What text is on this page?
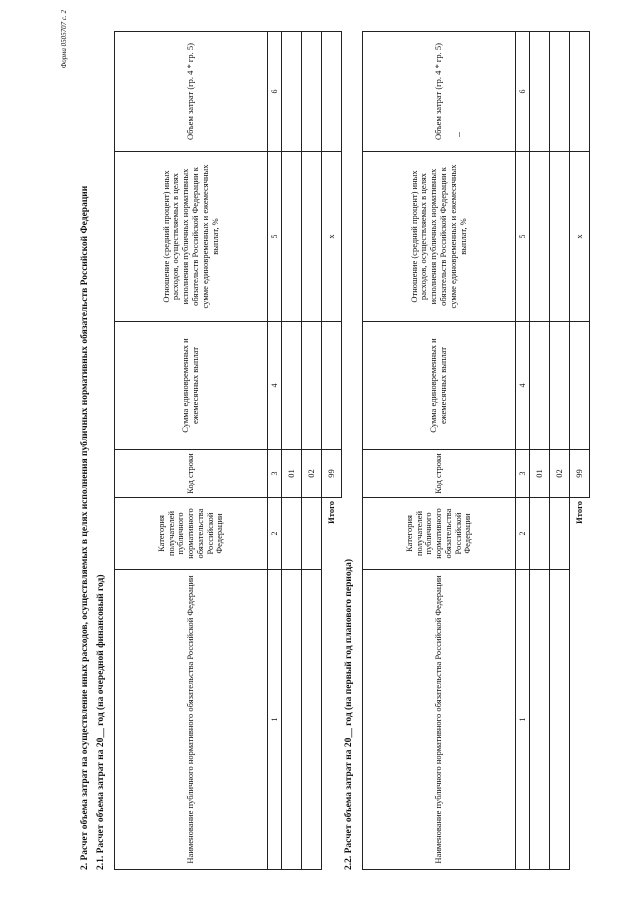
Форма 0505707 с. 2
2. Расчет объема затрат на осуществление иных расходов, осуществляемых в целях исполнения публичных нормативных обязательств Российской Федерации 2.1. Расчет объема затрат на 20__ год (на очередной финансовый год)	Наименование публичного нормативного обязательства Российской Федерации	Категория получателей публичного нормативного обязательства Российской Федерации	Код строки	Сумма единовременных и ежемесячных выплат	Отношение (средний процент) иных расходов, осуществляемых в целях исполнения публичных нормативных обязательств Российской Федерации к сумме единовременных и ежемесячных выплат, %	Объем затрат (гр. 4 * гр. 5)
1	2	3	4	5	6
		01			
		02			
	Итого	99		x	
2.2. Расчет объема затрат на 20__ год (на первый год планового периода)	Наименование публичного нормативного обязательства Российской Федерации	Категория получателей публичного нормативного обязательства Российской Федерации	Код строки	Сумма единовременных и ежемесячных выплат	Отношение (средний процент) иных расходов, осуществляемых в целях исполнения публичных нормативных обязательств Российской Федерации к сумме единовременных и ежемесячных выплат, %	Объем затрат (гр. 4 * гр. 5)
1	2	3	4	5	6
		01			
		02			
	Итого	99		x	
